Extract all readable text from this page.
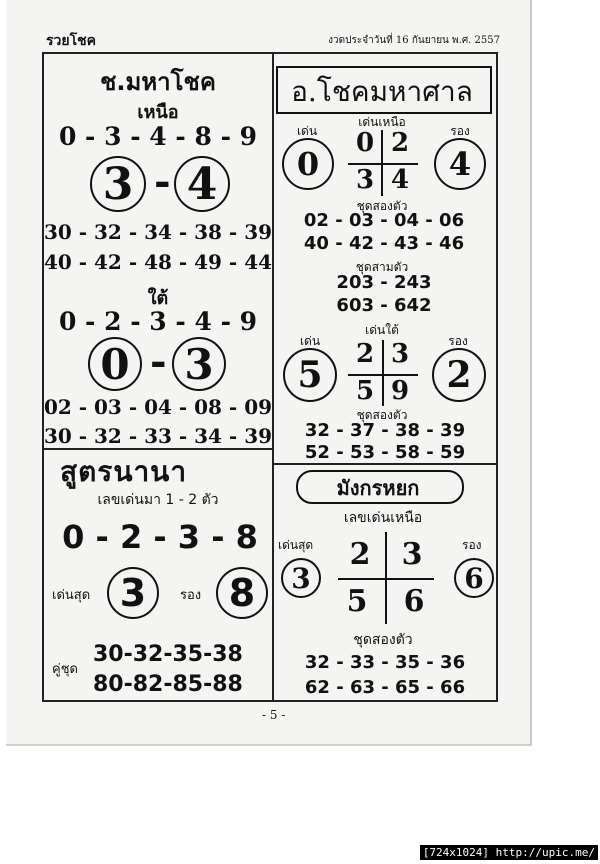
รวยโชค	งวดประจำวันที่ 16 กันยายน พ.ศ. 2557
ช.มหาโชค
เหนือ
0 - 3 - 4 - 8 - 9
3 - 4
30 - 32 - 34 - 38 - 39
40 - 42 - 48 - 49 - 44
ใต้
0 - 2 - 3 - 4 - 9
0 - 3
02 - 03 - 04 - 08 - 09
30 - 32 - 33 - 34 - 39
สูตรนานา
เลขเด่นมา 1 - 2 ตัว
0 - 2 - 3 - 8
เด่นสุด 3	รอง 8
คู่ชุด
30-32-35-38
80-82-85-88
อ.โชคมหาศาล
เด่น
เด่นเหนือ
รอง
0
0 2
3 4	4
ชุดสองตัว
02 - 03 - 04 - 06
40 - 42 - 43 - 46
ชุดสามตัว
203 - 243
603 - 642
เด่น
เด่นใต้
รอง
5	2 3
5 9	2
ชุดสองตัว
32 - 37 - 38 - 39
52 - 53 - 58 - 59
มังกรหยก
เลขเด่นเหนือ
เด่นสุด	รอง
3
2 3
5 6
6
ชุดสองตัว
32 - 33 - 35 - 36
62 - 63 - 65 - 66
- 5 -
[724x1024] http://upic.me/
